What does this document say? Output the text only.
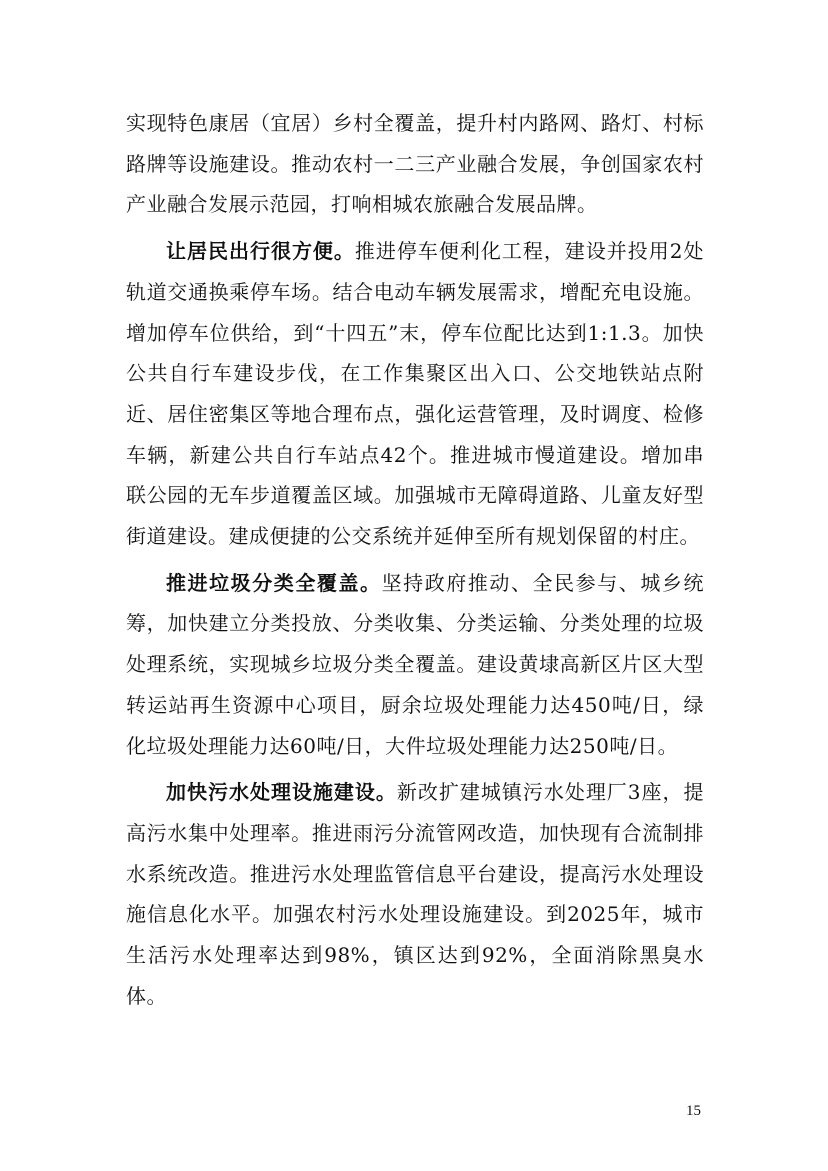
实现特色康居（宜居）乡村全覆盖，提升村内路网、路灯、村标路牌等设施建设。推动农村一二三产业融合发展，争创国家农村产业融合发展示范园，打响相城农旅融合发展品牌。

让居民出行很方便。推进停车便利化工程，建设并投用2处轨道交通换乘停车场。结合电动车辆发展需求，增配充电设施。增加停车位供给，到“十四五”末，停车位配比达到1:1.3。加快公共自行车建设步伐，在工作集聚区出入口、公交地铁站点附近、居住密集区等地合理布点，强化运营管理，及时调度、检修车辆，新建公共自行车站点42个。推进城市慢道建设。增加串联公园的无车步道覆盖区域。加强城市无障碍道路、儿童友好型街道建设。建成便捷的公交系统并延伸至所有规划保留的村庄。

推进垃圾分类全覆盖。坚持政府推动、全民参与、城乡统筹，加快建立分类投放、分类收集、分类运输、分类处理的垃圾处理系统，实现城乡垃圾分类全覆盖。建设黄埭高新区片区大型转运站再生资源中心项目，厨余垃圾处理能力达450吨/日，绿化垃圾处理能力达60吨/日，大件垃圾处理能力达250吨/日。

加快污水处理设施建设。新改扩建城镇污水处理厂3座，提高污水集中处理率。推进雨污分流管网改造，加快现有合流制排水系统改造。推进污水处理监管信息平台建设，提高污水处理设施信息化水平。加强农村污水处理设施建设。到2025年，城市生活污水处理率达到98%，镇区达到92%，全面消除黑臭水体。

15
